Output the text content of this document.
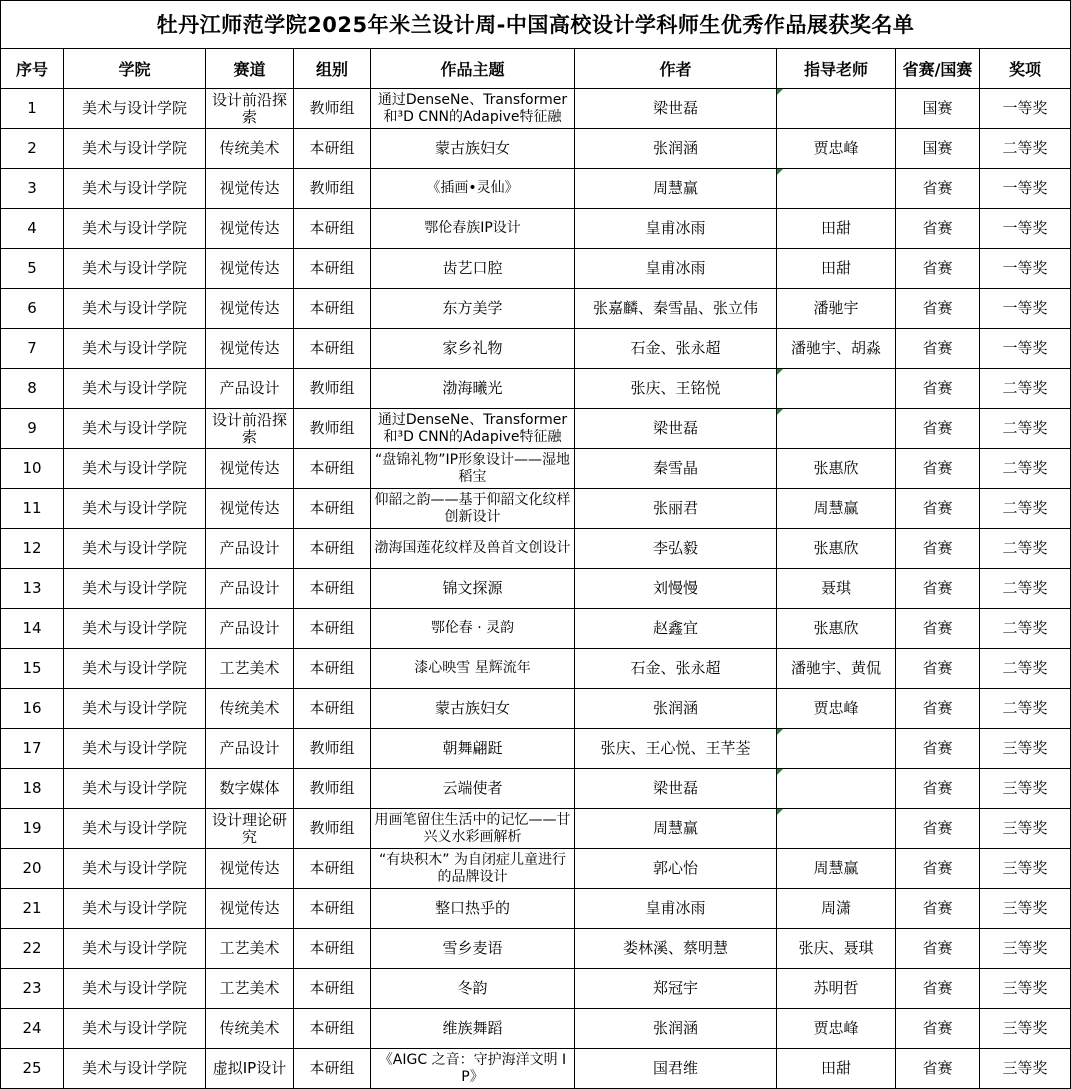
牡丹江师范学院2025年米兰设计周-中国高校设计学科师生优秀作品展获奖名单
序号	学院	赛道	组别	作品主题	作者	指导老师	省赛/国赛	奖项
1	美术与设计学院	设计前沿探索	教师组	通过DenseNe、Transformer和³D CNN的Adapive特征融	梁世磊		国赛	一等奖
2	美术与设计学院	传统美术	本研组	蒙古族妇女	张润涵	贾忠峰	国赛	二等奖
3	美术与设计学院	视觉传达	教师组	《插画•灵仙》	周慧赢		省赛	一等奖
4	美术与设计学院	视觉传达	本研组	鄂伦春族IP设计	皇甫冰雨	田甜	省赛	一等奖
5	美术与设计学院	视觉传达	本研组	齿艺口腔	皇甫冰雨	田甜	省赛	一等奖
6	美术与设计学院	视觉传达	本研组	东方美学	张嘉麟、秦雪晶、张立伟	潘驰宇	省赛	一等奖
7	美术与设计学院	视觉传达	本研组	家乡礼物	石金、张永超	潘驰宇、胡淼	省赛	一等奖
8	美术与设计学院	产品设计	教师组	渤海曦光	张庆、王铭悦		省赛	二等奖
9	美术与设计学院	设计前沿探索	教师组	通过DenseNe、Transformer和³D CNN的Adapive特征融	梁世磊		省赛	二等奖
10	美术与设计学院	视觉传达	本研组	“盘锦礼物”IP形象设计——湿地稻宝	秦雪晶	张惠欣	省赛	二等奖
11	美术与设计学院	视觉传达	本研组	仰韶之韵——基于仰韶文化纹样创新设计	张丽君	周慧赢	省赛	二等奖
12	美术与设计学院	产品设计	本研组	渤海国莲花纹样及兽首文创设计	李弘毅	张惠欣	省赛	二等奖
13	美术与设计学院	产品设计	本研组	锦文探源	刘慢慢	聂琪	省赛	二等奖
14	美术与设计学院	产品设计	本研组	鄂伦春 · 灵韵	赵鑫宜	张惠欣	省赛	二等奖
15	美术与设计学院	工艺美术	本研组	漆心映雪 星辉流年	石金、张永超	潘驰宇、黄侃	省赛	二等奖
16	美术与设计学院	传统美术	本研组	蒙古族妇女	张润涵	贾忠峰	省赛	二等奖
17	美术与设计学院	产品设计	教师组	朝舞翩跹	张庆、王心悦、王芊荃		省赛	三等奖
18	美术与设计学院	数字媒体	教师组	云端使者	梁世磊		省赛	三等奖
19	美术与设计学院	设计理论研究	教师组	用画笔留住生活中的记忆——甘兴义水彩画解析	周慧赢		省赛	三等奖
20	美术与设计学院	视觉传达	本研组	“有块积木” 为自闭症儿童进行的品牌设计	郭心怡	周慧赢	省赛	三等奖
21	美术与设计学院	视觉传达	本研组	整口热乎的	皇甫冰雨	周潇	省赛	三等奖
22	美术与设计学院	工艺美术	本研组	雪乡麦语	娄林溪、蔡明慧	张庆、聂琪	省赛	三等奖
23	美术与设计学院	工艺美术	本研组	冬韵	郑冠宇	苏明哲	省赛	三等奖
24	美术与设计学院	传统美术	本研组	维族舞蹈	张润涵	贾忠峰	省赛	三等奖
25	美术与设计学院	虚拟IP设计	本研组	《AIGC 之音：守护海洋文明 IP》	国君维	田甜	省赛	三等奖
